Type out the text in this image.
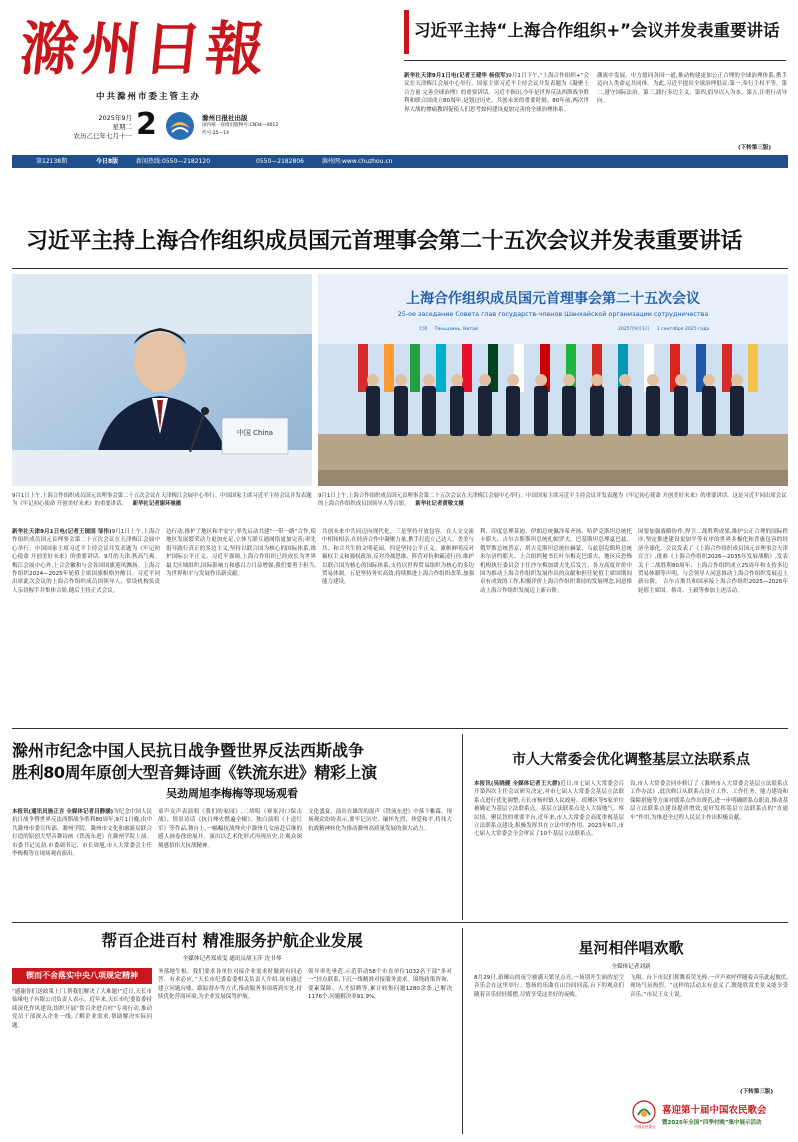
滁州日報
中共滁州市委主管主办
2025年9月
星期二
农历乙巳年七月十一 2	滁州日报社出版
国内统一连续出版物号:CN34—0012
代号:25—14
习近平主持“上海合作组织+”会议并发表重要讲话
新华社天津9月1日电(记者王建华 杨依军)9月1日下午,“上海合作组织+”会议在天津梅江会展中心举行。国家主席习近平主持会议并发表题为《凝聚上合力量 完善全球治理》的重要讲话。习近平指出,今年是世界反法西斯战争胜利和联合国成立80周年,是划过历史、共创未来的重要时刻。80年前,两次世界大战的惨痛教训促使人们思考如何建设更加完善的全球治理体系。
潮流中发展。中方愿同各国一道,推动构建更加公正合理的全球治理体系,携手迈向人类命运共同体。为此,习近平提出全球治理倡议:第一,奉行主权平等。第二,遵守国际法治。第三,践行多边主义。第四,倡导以人为本。第五,注重行动导向。
(下转第三版)
第12138期	今日8版	新闻热线:0550—2182120	0550—2182806	滁州网:www.chuzhou.cn
习近平主持上海合作组织成员国元首理事会第二十五次会议并发表重要讲话
中国 China
9月1日上午,上海合作组织成员国元首理事会第二十五次会议在天津梅江会展中心举行。中国国家主席习近平主持会议并发表题为《牢记初心使命 开创美好未来》的重要讲话。 新华社记者谢环驰摄
上海合作组织成员国元首理事会第二十五次会议
25-ое заседание Совета глав государств-членов Шанхайской организации сотрудничества
天津 Тяньцзинь, Китай	2025年9月1日 1 сентября 2025 года
9月1日上午,上海合作组织成员国元首理事会第二十五次会议在天津梅江会展中心举行。中国国家主席习近平主持会议并发表题为《牢记初心使命 开创美好未来》的重要讲话。这是习近平同出席会议的上海合作组织成员国领导人等合影。 新华社记者黄敬文摄
新华社天津9月1日电(记者王镜国 邹伟)9月1日上午,上海合作组织成员国元首理事会第二十五次会议在天津梅江会展中心举行。中国国家主席习近平主持会议并发表题为《牢记初心使命 开创美好未来》的重要讲话。9月的天津,秋高气爽。梅江会展中心外,上合会徽和与会各国国旗迎风飘扬。上海合作组织2024—2025年轮值主席国旗帜格外醒目。习近平同出席此次会议的上海合作组织成员国领导人、常设机构负责人亲切握手并集体合影,随后主持正式会议。
边行动,推护了地区和平安宁;率先启动共建“一带一路”合作,使地区发展繁荣动力更加充足,立体互联互通网络更加完善;率先倡导践行真正的多边主义,坚持以联合国为核心的国际体系,维护国际公平正义。习近平强调,上海合作组织已经成长为世界最大区域组织,国际影响力和感召力日益增强,我们要勇于担当,为世界和平与发展作出新贡献。
共创未来中共同迈向现代化。三是坚持开放包容。在人文交流中相知相亲,在经济合作中凝聚力量,携手打造立己达人、美美与共、和合共生的文明花园。四是坚持公平正义。旗帜鲜明反对霸权主义和强权政治,反对冷战思维、阵营对抗和霸凌行径,维护以联合国为核心的国际体系,支持以世界贸易组织为核心的多边贸易体制。五是坚持务实高效,持续推进上海合作组织改革,加强能力建设。
利、印度总理莫迪、伊朗总统佩泽希齐扬、哈萨克斯坦总统托卡耶夫、吉尔吉斯斯坦总统扎帕罗夫、巴基斯坦总理夏巴兹、俄罗斯总统普京、塔吉克斯坦总统拉赫蒙、乌兹别克斯坦总统米尔济约耶夫、上合组织秘书长叶尔梅克巴耶夫、地区反恐怖机构执行委员会主任沙尔梅加诺夫先后发言。各方高度评价中国为推动上海合作组织发展作出的贡献和担任轮值主席国期间卓有成效的工作,积极评价上海合作组织秉持的发展理念,同意推动上海合作组织发展迈上新台阶。
国要加强战略协作,捍卫二战胜利成果,维护公正合理的国际秩序,坚定推进建设更加平等有序的世界多极化和普惠包容的经济全球化。会议发表了《上海合作组织成员国元首理事会天津宣言》,批准《上海合作组织2026—2035年发展战略》,发表关于二战胜利80周年、上海合作组织成立25周年和支持多边贸易体制等声明。与会领导人同意推动上海合作组织发展迈上新台阶。 吉尔吉斯共和国承接上海合作组织2025—2026年轮值主席国。蔡奇、王毅等参加上述活动。
滁州市纪念中国人民抗日战争暨世界反法西斯战争
胜利80周年原创大型音舞诗画《铁流东进》精彩上演
吴劲周旭李梅梅等现场观看
本报讯(通讯员施正言 全媒体记者吕静涵)为纪念中国人民抗日战争暨世界反法西斯战争胜利80周年,9月1日晚,由中共滁州市委宣传部、滁州学院、滁州市文化和旅游局联合打造的原创大型音舞诗画《铁流东进》在滁州学院上演。市委书记吴劲,市委副书记、市长周旭,市人大常委会主任李梅梅等在现场观看演出。
童声女声表演唱《我们的家园》,二胡唱《赛家河口保击战》、情景诗话《抗日烽火燃遍全椒》、独白演唱《十送红军》等作品,舞台上,一幅幅抗战烽火中滁州儿女前赴后继的感人画卷徐徐展开。演出以艺术化形式再现历史,让观众深刻感悟伟大抗战精神。
文化盛宴。演出在雄浑的混声《铁流东进》中落下帷幕。现场观众纷纷表示,要牢记历史、缅怀先烈、珍爱和平,将伟大抗战精神转化为推动滁州高质量发展的强大动力。
市人大常委会优化调整基层立法联系点
本报讯(吴晓健 全媒体记者王大群)近日,市七届人大常委会召开第四次主任会议研究决定,对市七届人大常委会基层立法联系点进行优化调整,天长市杨村镇人民政府、琅琊区等5家单位被确定为基层立法联系点。基层立法联系点是人大接地气、察民情、聚民智的重要平台,近年来,市人大常委会高度重视基层立法联系点建设,积极发挥其在立法中的作用。2023年6月,市七届人大常委会全会审议了10个基层立法联系点。
设,市人大常委会同步修订了《滁州市人大常委会基层立法联系点工作办法》,此次修订从联系点设立工作、工作任务、能力建设和保障措施等方面对联系点作出规范,进一步明确联系点职责,推动基层立法联系点建设提质增效,更好发挥基层立法联系点的“直通车”作用,为推进全过程人民民主作出积极贡献。
帮百企进百村 精准服务护航企业发展
全媒体记者郑成雯 通讯员胡玉萍 沈书琴
锲而不舍落实中央八项规定精神
“感谢你们送政策上门,帮我们解决了大难题!”近日,天长市仙缘电子有限公司负责人表示。近年来,天长市纪委监委持续深化作风建设,组织开展“帮百企进百村”专项行动,推动党员干部深入企业一线,了解企业需求,帮助解决实际问题。
务落地生根。我们要求各单位对接企业需求时做到有问必答、有求必应。”天长市纪委监委相关负责人介绍,该市通过建立问题台账、跟踪督办等方式,推动服务事项落到实处,持续优化营商环境,为企业发展保驾护航。
领导率先垂范,示范带动58个市直单位1032名干部“多对一”挂点联系,下沉一线精准对接服务需求。围绕政策咨询、要素保障、人才招聘等,累计收集问题1280余条,已解决1176个,问题解决率91.9%。
星河相伴唱欢歌
全媒体记者刘新
8月29日,琅琊山的夜空被满天繁星点亮,一场别开生面的星空音乐会在这里举行。悠扬的乐曲在山谷间回荡,台下的观众们随着音乐轻轻摇摆,尽情享受这美好的夜晚。
飞翔。台下市民们挥舞着荧光棒,一声声欢呼伴随着音乐此起彼伏,现场气氛热烈。“这样的活动太有意义了,既能欣赏美景又能享受音乐。”市民王女士说。
(下转第三版)
中国农民歌会
喜迎第十届中国农民歌会
暨2025年全国“四季村晚”集中展示活动
